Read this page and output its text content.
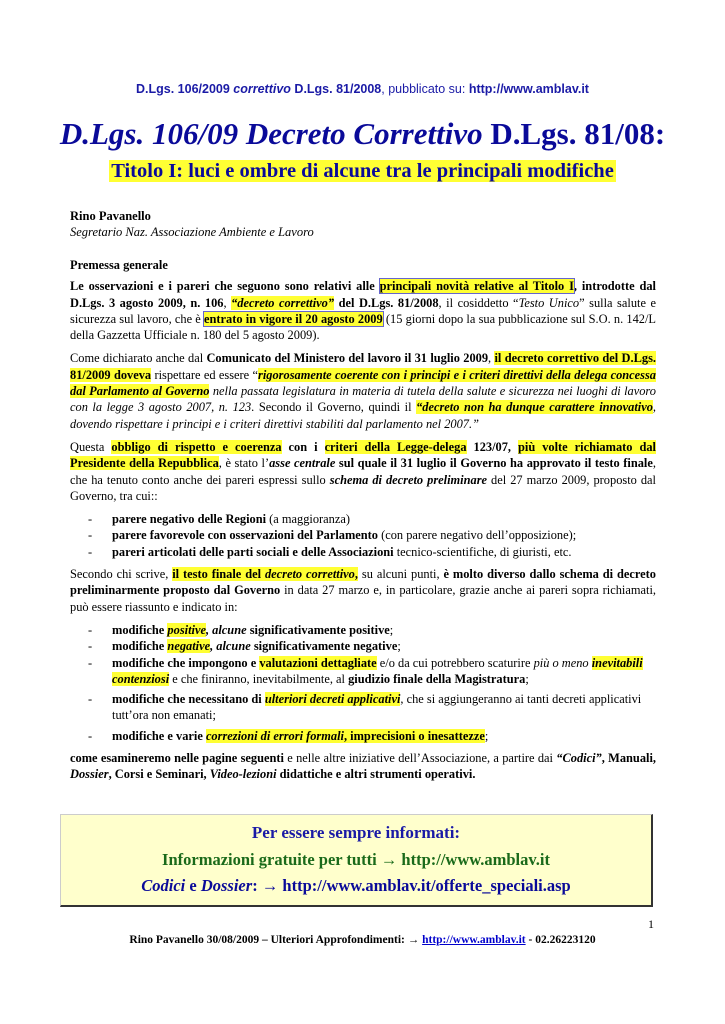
D.Lgs. 106/2009 correttivo D.Lgs. 81/2008, pubblicato su: http://www.amblav.it
D.Lgs. 106/09 Decreto Correttivo D.Lgs. 81/08:
Titolo I: luci e ombre di alcune tra le principali modifiche
Rino Pavanello
Segretario Naz. Associazione Ambiente e Lavoro

Premessa generale

Le osservazioni e i pareri che seguono sono relativi alle principali novità relative al Titolo I, introdotte dal D.Lgs. 3 agosto 2009, n. 106, “decreto correttivo” del D.Lgs. 81/2008, il cosiddetto “Testo Unico” sulla salute e sicurezza sul lavoro, che è entrato in vigore il 20 agosto 2009 (15 giorni dopo la sua pubblicazione sul S.O. n. 142/L della Gazzetta Ufficiale n. 180 del 5 agosto 2009).

Come dichiarato anche dal Comunicato del Ministero del lavoro il 31 luglio 2009, il decreto correttivo del D.Lgs. 81/2009 doveva rispettare ed essere “rigorosamente coerente con i principi e i criteri direttivi della delega concessa dal Parlamento al Governo nella passata legislatura in materia di tutela della salute e sicurezza nei luoghi di lavoro con la legge 3 agosto 2007, n. 123. Secondo il Governo, quindi il “decreto non ha dunque carattere innovativo, dovendo rispettare i principi e i criteri direttivi stabiliti dal parlamento nel 2007.”

Questa obbligo di rispetto e coerenza con i criteri della Legge-delega 123/07, più volte richiamato dal Presidente della Repubblica, è stato l’asse centrale sul quale il 31 luglio il Governo ha approvato il testo finale, che ha tenuto conto anche dei pareri espressi sullo schema di decreto preliminare del 27 marzo 2009, proposto dal Governo, tra cui::

- parere negativo delle Regioni (a maggioranza)
- parere favorevole con osservazioni del Parlamento (con parere negativo dell’opposizione);
- pareri articolati delle parti sociali e delle Associazioni tecnico-scientifiche, di giuristi, etc.

Secondo chi scrive, il testo finale del decreto correttivo, su alcuni punti, è molto diverso dallo schema di decreto preliminarmente proposto dal Governo in data 27 marzo e, in particolare, grazie anche ai pareri sopra richiamati, può essere riassunto e indicato in:

- modifiche positive, alcune significativamente positive;
- modifiche negative, alcune significativamente negative;
- modifiche che impongono e valutazioni dettagliate e/o da cui potrebbero scaturire più o meno inevitabili contenziosi e che finiranno, inevitabilmente, al giudizio finale della Magistratura;
- modifiche che necessitano di ulteriori decreti applicativi, che si aggiungeranno ai tanti decreti applicativi tutt’ora non emanati;
- modifiche e varie correzioni di errori formali, imprecisioni o inesattezze;

come esamineremo nelle pagine seguenti e nelle altre iniziative dell’Associazione, a partire dai “Codici”, Manuali, Dossier, Corsi e Seminari, Video-lezioni didattiche e altri strumenti operativi.

Per essere sempre informati:
Informazioni gratuite per tutti → http://www.amblav.it
Codici e Dossier: → http://www.amblav.it/offerte_speciali.asp
1
Rino Pavanello 30/08/2009 – Ulteriori Approfondimenti: → http://www.amblav.it - 02.26223120
